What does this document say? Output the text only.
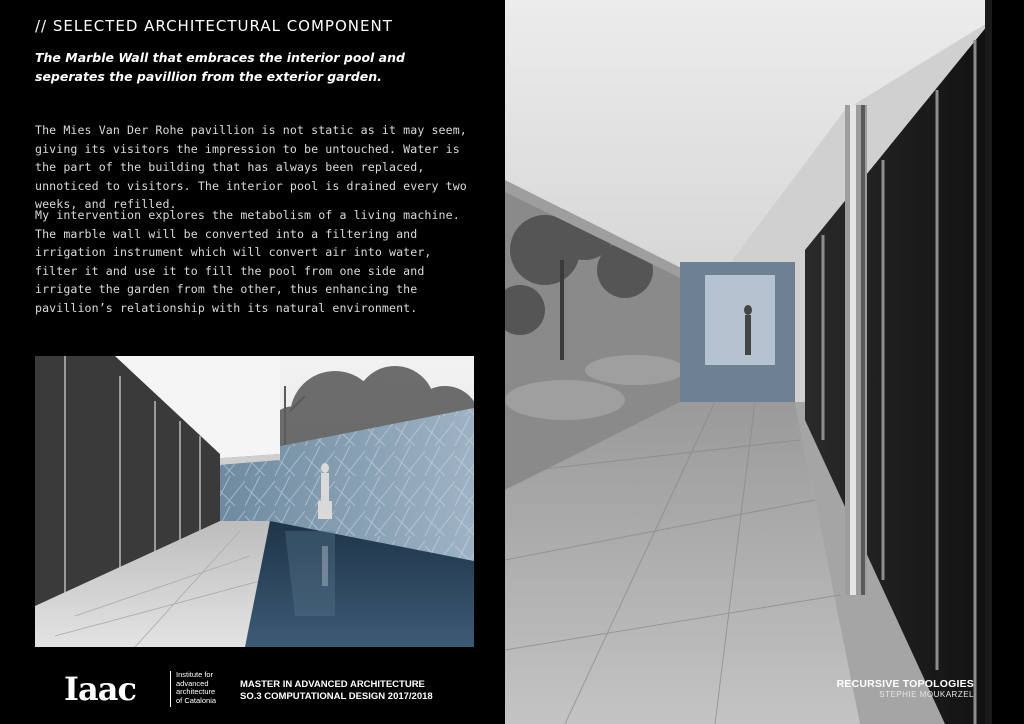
// SELECTED ARCHITECTURAL COMPONENT
The Marble Wall that embraces the interior pool and seperates the pavillion from the exterior garden.
The Mies Van Der Rohe pavillion is not static as it may seem, giving its visitors the impression to be untouched. Water is the part of the building that has always been replaced, unnoticed to visitors. The interior pool is drained every two weeks, and refilled.
My intervention explores the metabolism of a living machine. The marble wall will be converted into a filtering and irrigation instrument which will convert air into water, filter it and use it to fill the pool from one side and irrigate the garden from the other, thus enhancing the pavillion’s relationship with its natural environment.
Iaac	Institute for
advanced
architecture
of Catalonia
MASTER IN ADVANCED ARCHITECTURE
SO.3 COMPUTATIONAL DESIGN 2017/2018
RECURSIVE TOPOLOGIES
STEPHIE MOUKARZEL
